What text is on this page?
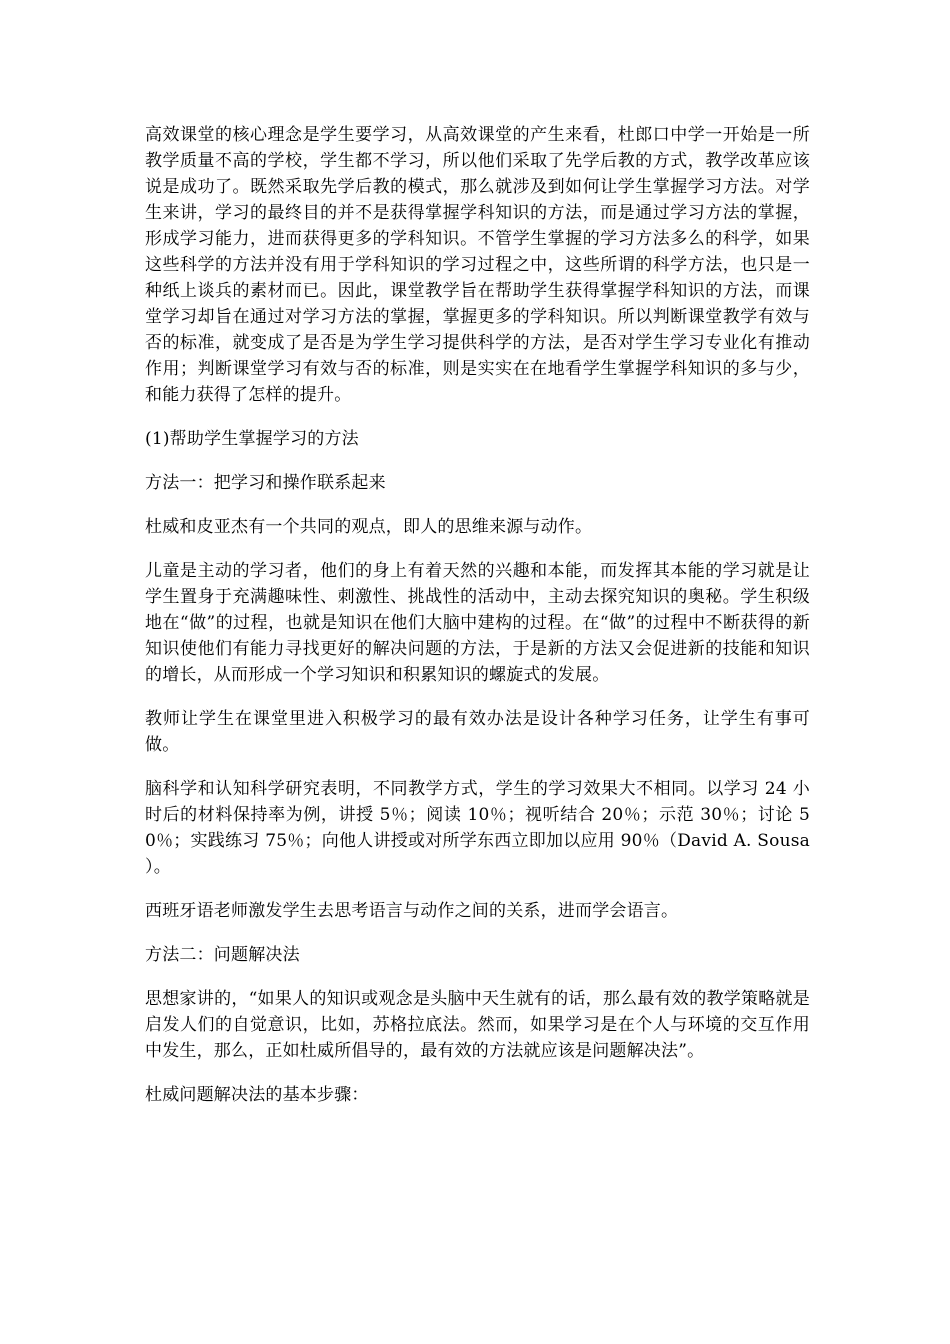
高效课堂的核心理念是学生要学习，从高效课堂的产生来看，杜郎口中学一开始是一所教学质量不高的学校，学生都不学习，所以他们采取了先学后教的方式，教学改革应该说是成功了。既然采取先学后教的模式，那么就涉及到如何让学生掌握学习方法。对学生来讲，学习的最终目的并不是获得掌握学科知识的方法，而是通过学习方法的掌握，形成学习能力，进而获得更多的学科知识。不管学生掌握的学习方法多么的科学，如果这些科学的方法并没有用于学科知识的学习过程之中，这些所谓的科学方法，也只是一种纸上谈兵的素材而已。因此，课堂教学旨在帮助学生获得掌握学科知识的方法，而课堂学习却旨在通过对学习方法的掌握，掌握更多的学科知识。所以判断课堂教学有效与否的标准，就变成了是否是为学生学习提供科学的方法，是否对学生学习专业化有推动作用；判断课堂学习有效与否的标准，则是实实在在地看学生掌握学科知识的多与少，和能力获得了怎样的提升。

(1)帮助学生掌握学习的方法

方法一：把学习和操作联系起来

杜威和皮亚杰有一个共同的观点，即人的思维来源与动作。

儿童是主动的学习者，他们的身上有着天然的兴趣和本能，而发挥其本能的学习就是让学生置身于充满趣味性、刺激性、挑战性的活动中，主动去探究知识的奥秘。学生积级地在“做”的过程，也就是知识在他们大脑中建构的过程。在“做”的过程中不断获得的新知识使他们有能力寻找更好的解决问题的方法，于是新的方法又会促进新的技能和知识的增长，从而形成一个学习知识和积累知识的螺旋式的发展。

教师让学生在课堂里进入积极学习的最有效办法是设计各种学习任务，让学生有事可做。

脑科学和认知科学研究表明，不同教学方式，学生的学习效果大不相同。以学习 24 小时后的材料保持率为例，讲授 5％；阅读 10％；视听结合 20％；示范 30％；讨论 50％；实践练习 75％；向他人讲授或对所学东西立即加以应用 90％（David A. Sousa ）。

西班牙语老师激发学生去思考语言与动作之间的关系，进而学会语言。

方法二：问题解决法

思想家讲的，“如果人的知识或观念是头脑中天生就有的话，那么最有效的教学策略就是启发人们的自觉意识，比如，苏格拉底法。然而，如果学习是在个人与环境的交互作用中发生，那么，正如杜威所倡导的，最有效的方法就应该是问题解决法”。

杜威问题解决法的基本步骤：
